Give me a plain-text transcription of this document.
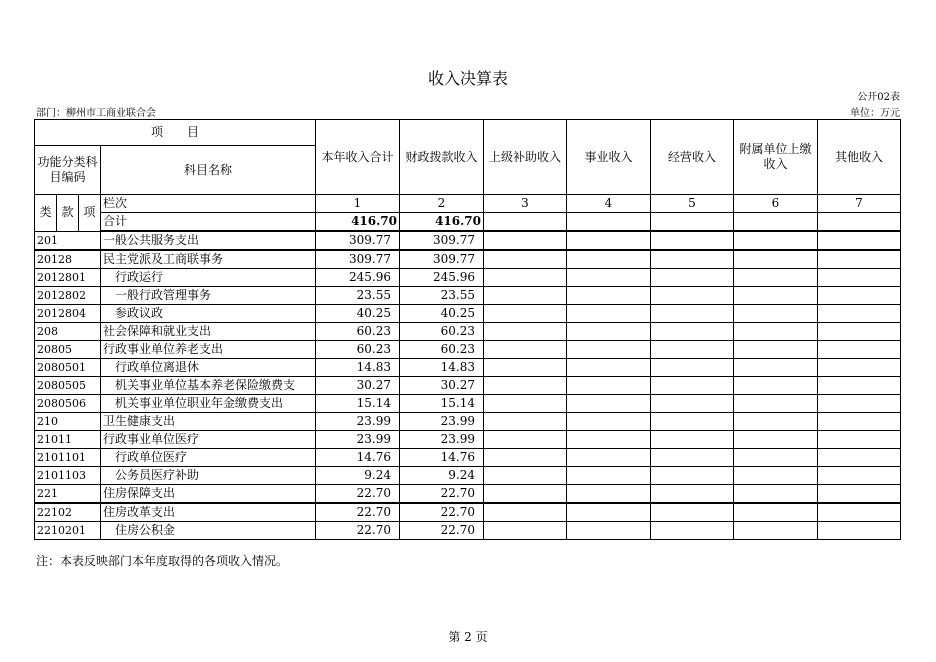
收入决算表
公开02表
部门：柳州市工商业联合会	单位：万元
项　　目				本年收入合计	财政拨款收入	上级补助收入	事业收入	经营收入	附属单位上缴收入	其他收入
功能分类科目编码			科目名称							
类	款	项	栏次	1	2	3	4	5	6	7
			合计	416.70	416.70					
201			一般公共服务支出	309.77	309.77					
20128			民主党派及工商联事务	309.77	309.77					
2012801			行政运行	245.96	245.96					
2012802			一般行政管理事务	23.55	23.55					
2012804			参政议政	40.25	40.25					
208			社会保障和就业支出	60.23	60.23					
20805			行政事业单位养老支出	60.23	60.23					
2080501			行政单位离退休	14.83	14.83					
2080505			机关事业单位基本养老保险缴费支	30.27	30.27					
2080506			机关事业单位职业年金缴费支出	15.14	15.14					
210			卫生健康支出	23.99	23.99					
21011			行政事业单位医疗	23.99	23.99					
2101101			行政单位医疗	14.76	14.76					
2101103			公务员医疗补助	9.24	9.24					
221			住房保障支出	22.70	22.70					
22102			住房改革支出	22.70	22.70					
2210201			住房公积金	22.70	22.70					
注：本表反映部门本年度取得的各项收入情况。
第 2 页
